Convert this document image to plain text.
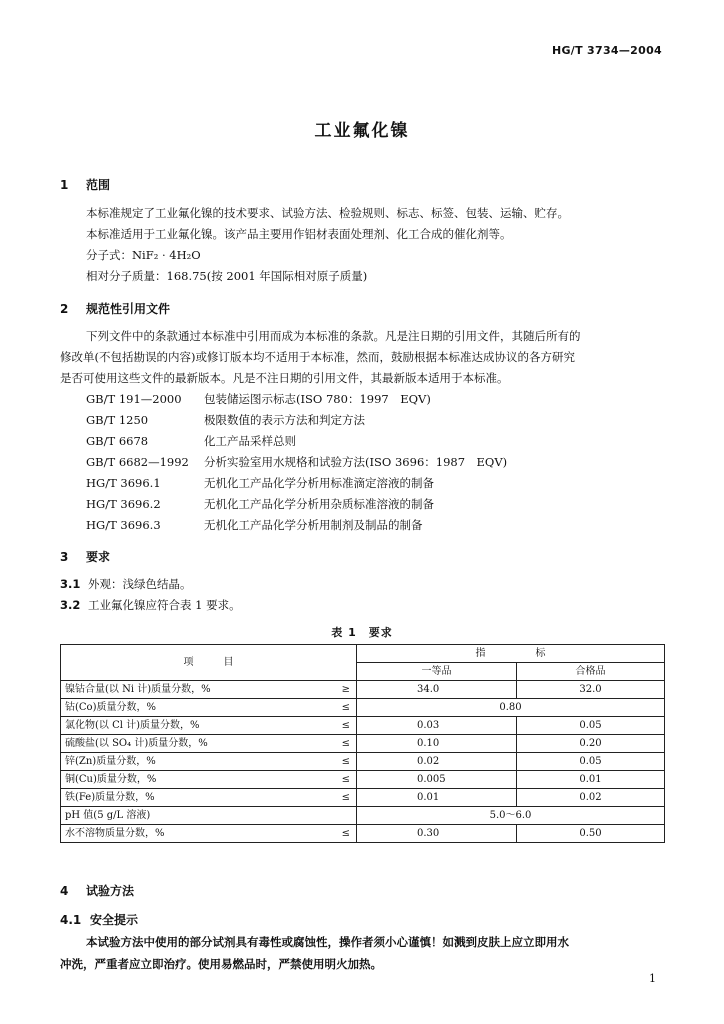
HG/T 3734—2004
工业氟化镍
1 范围
本标准规定了工业氟化镍的技术要求、试验方法、检验规则、标志、标签、包装、运输、贮存。
本标准适用于工业氟化镍。该产品主要用作铝材表面处理剂、化工合成的催化剂等。
分子式：NiF₂ · 4H₂O
相对分子质量：168.75(按 2001 年国际相对原子质量)
2 规范性引用文件
下列文件中的条款通过本标准中引用而成为本标准的条款。凡是注日期的引用文件，其随后所有的
修改单(不包括勘误的内容)或修订版本均不适用于本标准，然而，鼓励根据本标准达成协议的各方研究
是否可使用这些文件的最新版本。凡是不注日期的引用文件，其最新版本适用于本标准。
GB/T 191—2000 包装储运图示标志(ISO 780：1997　EQV)
GB/T 1250	极限数值的表示方法和判定方法
GB/T 6678	化工产品采样总则
GB/T 6682—1992 分析实验室用水规格和试验方法(ISO 3696：1987　EQV)
HG/T 3696.1	无机化工产品化学分析用标准滴定溶液的制备
HG/T 3696.2	无机化工产品化学分析用杂质标准溶液的制备
HG/T 3696.3	无机化工产品化学分析用制剂及制品的制备
3 要求
3.1 外观：浅绿色结晶。
3.2 工业氟化镍应符合表 1 要求。
表 1　要求
项　　　目		指　　　　　标	
		一等品	合格品
镍钴合量(以 Ni 计)质量分数，%	≥	34.0	32.0
钴(Co)质量分数，%	≤	0.80	
氯化物(以 Cl 计)质量分数，%	≤	0.03	0.05
硫酸盐(以 SO₄ 计)质量分数，%	≤	0.10	0.20
锌(Zn)质量分数，%	≤	0.02	0.05
铜(Cu)质量分数，%	≤	0.005	0.01
铁(Fe)质量分数，%	≤	0.01	0.02
pH 值(5 g/L 溶液)		5.0～6.0	
水不溶物质量分数，%	≤	0.30	0.50
4 试验方法
4.1 安全提示
本试验方法中使用的部分试剂具有毒性或腐蚀性，操作者须小心谨慎！如溅到皮肤上应立即用水
冲洗，严重者应立即治疗。使用易燃品时，严禁使用明火加热。
1
